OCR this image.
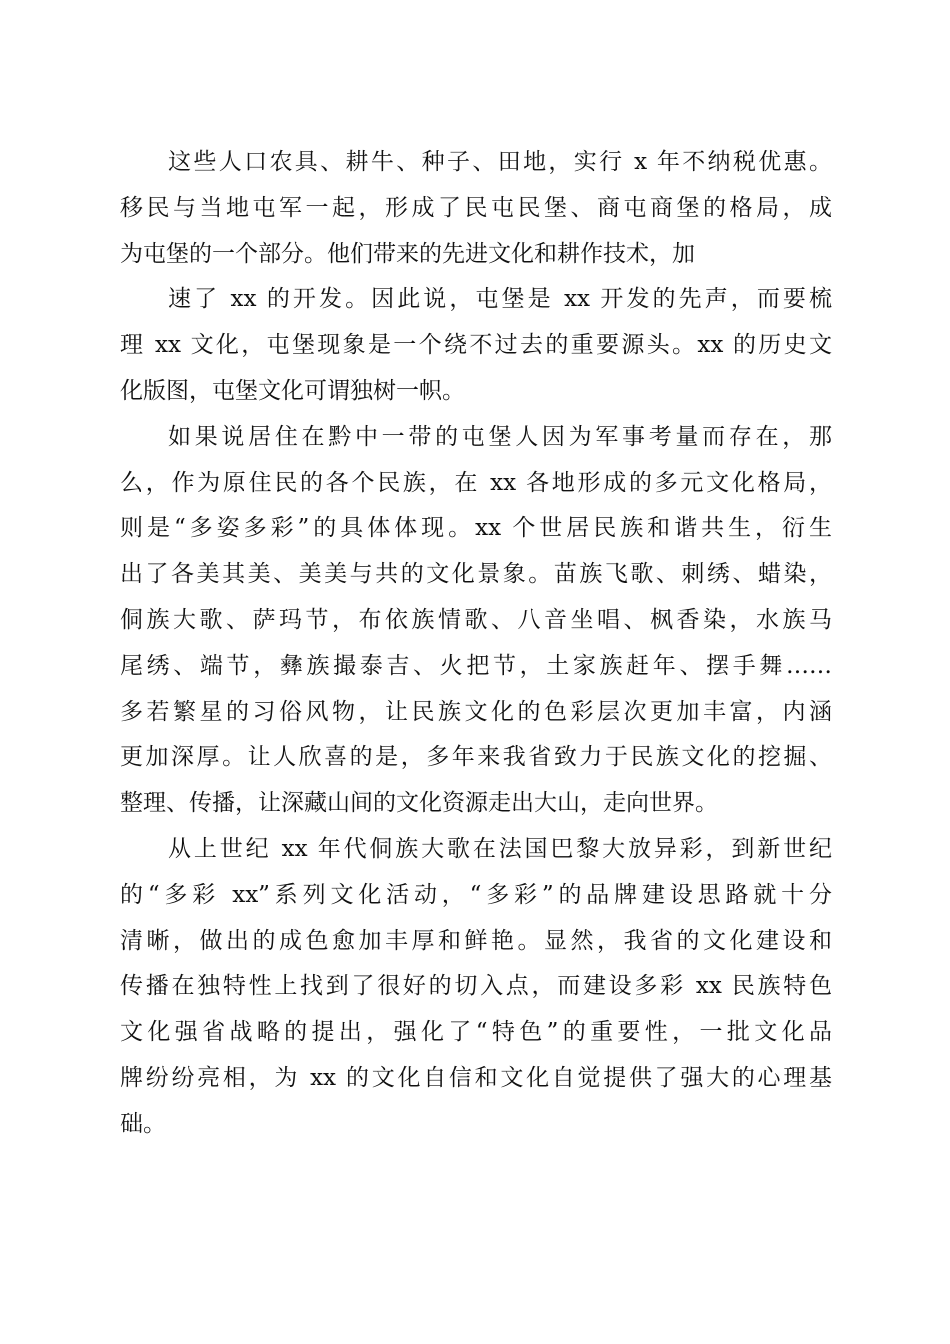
这些人口农具、耕牛、种子、田地，实行 x 年不纳税优惠。
移民与当地屯军一起，形成了民屯民堡、商屯商堡的格局，成
为屯堡的一个部分。他们带来的先进文化和耕作技术，加
速了 xx 的开发。因此说，屯堡是 xx 开发的先声，而要梳
理 xx 文化，屯堡现象是一个绕不过去的重要源头。xx 的历史文
化版图，屯堡文化可谓独树一帜。
如果说居住在黔中一带的屯堡人因为军事考量而存在，那
么，作为原住民的各个民族，在 xx 各地形成的多元文化格局，
则是“多姿多彩”的具体体现。xx 个世居民族和谐共生，衍生
出了各美其美、美美与共的文化景象。苗族飞歌、刺绣、蜡染，
侗族大歌、萨玛节，布依族情歌、八音坐唱、枫香染，水族马
尾绣、端节，彝族撮泰吉、火把节，土家族赶年、摆手舞……
多若繁星的习俗风物，让民族文化的色彩层次更加丰富，内涵
更加深厚。让人欣喜的是，多年来我省致力于民族文化的挖掘、
整理、传播，让深藏山间的文化资源走出大山，走向世界。
从上世纪 xx 年代侗族大歌在法国巴黎大放异彩，到新世纪
的“多彩 xx”系列文化活动，“多彩”的品牌建设思路就十分
清晰，做出的成色愈加丰厚和鲜艳。显然，我省的文化建设和
传播在独特性上找到了很好的切入点，而建设多彩 xx 民族特色
文化强省战略的提出，强化了“特色”的重要性，一批文化品
牌纷纷亮相，为 xx 的文化自信和文化自觉提供了强大的心理基
础。
